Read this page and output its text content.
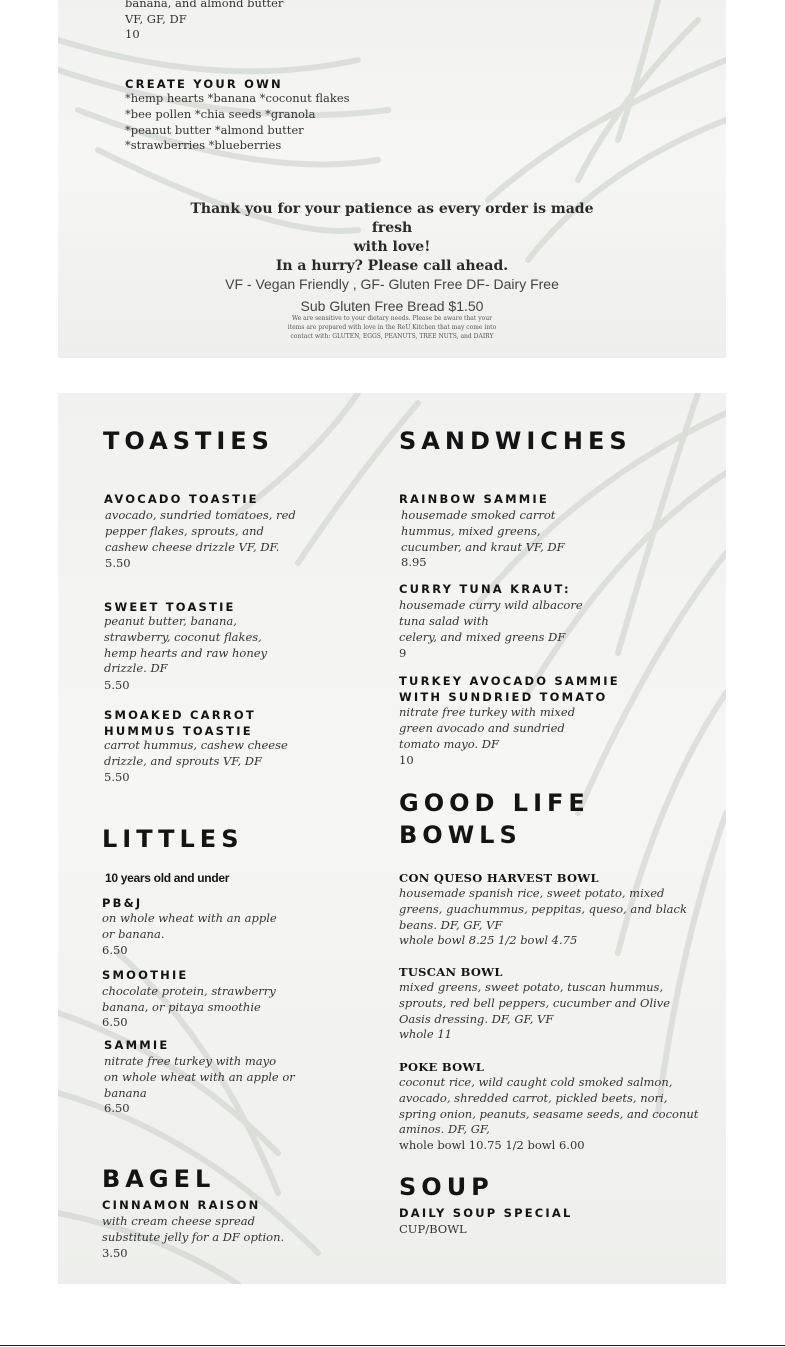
banana, and almond butter
VF, GF, DF

10

CREATE YOUR OWN

*hemp hearts *banana *coconut flakes
*bee pollen *chia seeds *granola
*peanut butter *almond butter
*strawberries *blueberries

Thank you for your patience as every order is made fresh
with love!
In a hurry? Please call ahead.

VF - Vegan Friendly , GF- Gluten Free DF- Dairy Free

Sub Gluten Free Bread $1.50

We are sensitive to your dietary needs. Please be aware that your
items are prepared with love in the ReU Kitchen that may come into
contact with: GLUTEN, EGGS, PEANUTS, TREE NUTS, and DAIRY

TOASTIES

AVOCADO TOASTIE

avocado, sundried tomatoes, red
pepper flakes, sprouts, and
cashew cheese drizzle VF, DF.

5.50

SWEET TOASTIE

peanut butter, banana,
strawberry, coconut flakes,
hemp hearts and raw honey
drizzle. DF

5.50

SMOAKED CARROT
HUMMUS TOASTIE

carrot hummus, cashew cheese
drizzle, and sprouts VF, DF

5.50

LITTLES

10 years old and under

PB&J

on whole wheat with an apple
or banana.

6.50

SMOOTHIE

chocolate protein, strawberry
banana, or pitaya smoothie

6.50

SAMMIE

nitrate free turkey with mayo
on whole wheat with an apple or
banana

6.50

BAGEL

CINNAMON RAISON

with cream cheese spread
substitute jelly for a DF option.

3.50

SANDWICHES

RAINBOW SAMMIE

housemade smoked carrot
hummus, mixed greens,
cucumber, and kraut VF, DF

8.95

CURRY TUNA KRAUT:

housemade curry wild albacore
tuna salad with
celery, and mixed greens DF

9

TURKEY AVOCADO SAMMIE
WITH SUNDRIED TOMATO

nitrate free turkey with mixed
green avocado and sundried
tomato mayo. DF

10

GOOD LIFE
BOWLS

CON QUESO HARVEST BOWL

housemade spanish rice, sweet potato, mixed
greens, guachummus, peppitas, queso, and black
beans. DF, GF, VF
whole bowl 8.25 1/2 bowl 4.75

TUSCAN BOWL

mixed greens, sweet potato, tuscan hummus,
sprouts, red bell peppers, cucumber and Olive
Oasis dressing. DF, GF, VF
whole 11

POKE BOWL

coconut rice, wild caught cold smoked salmon,
avocado, shredded carrot, pickled beets, nori,
spring onion, peanuts, seasame seeds, and coconut
aminos. DF, GF,

whole bowl 10.75 1/2 bowl 6.00

SOUP

DAILY SOUP SPECIAL

CUP/BOWL
